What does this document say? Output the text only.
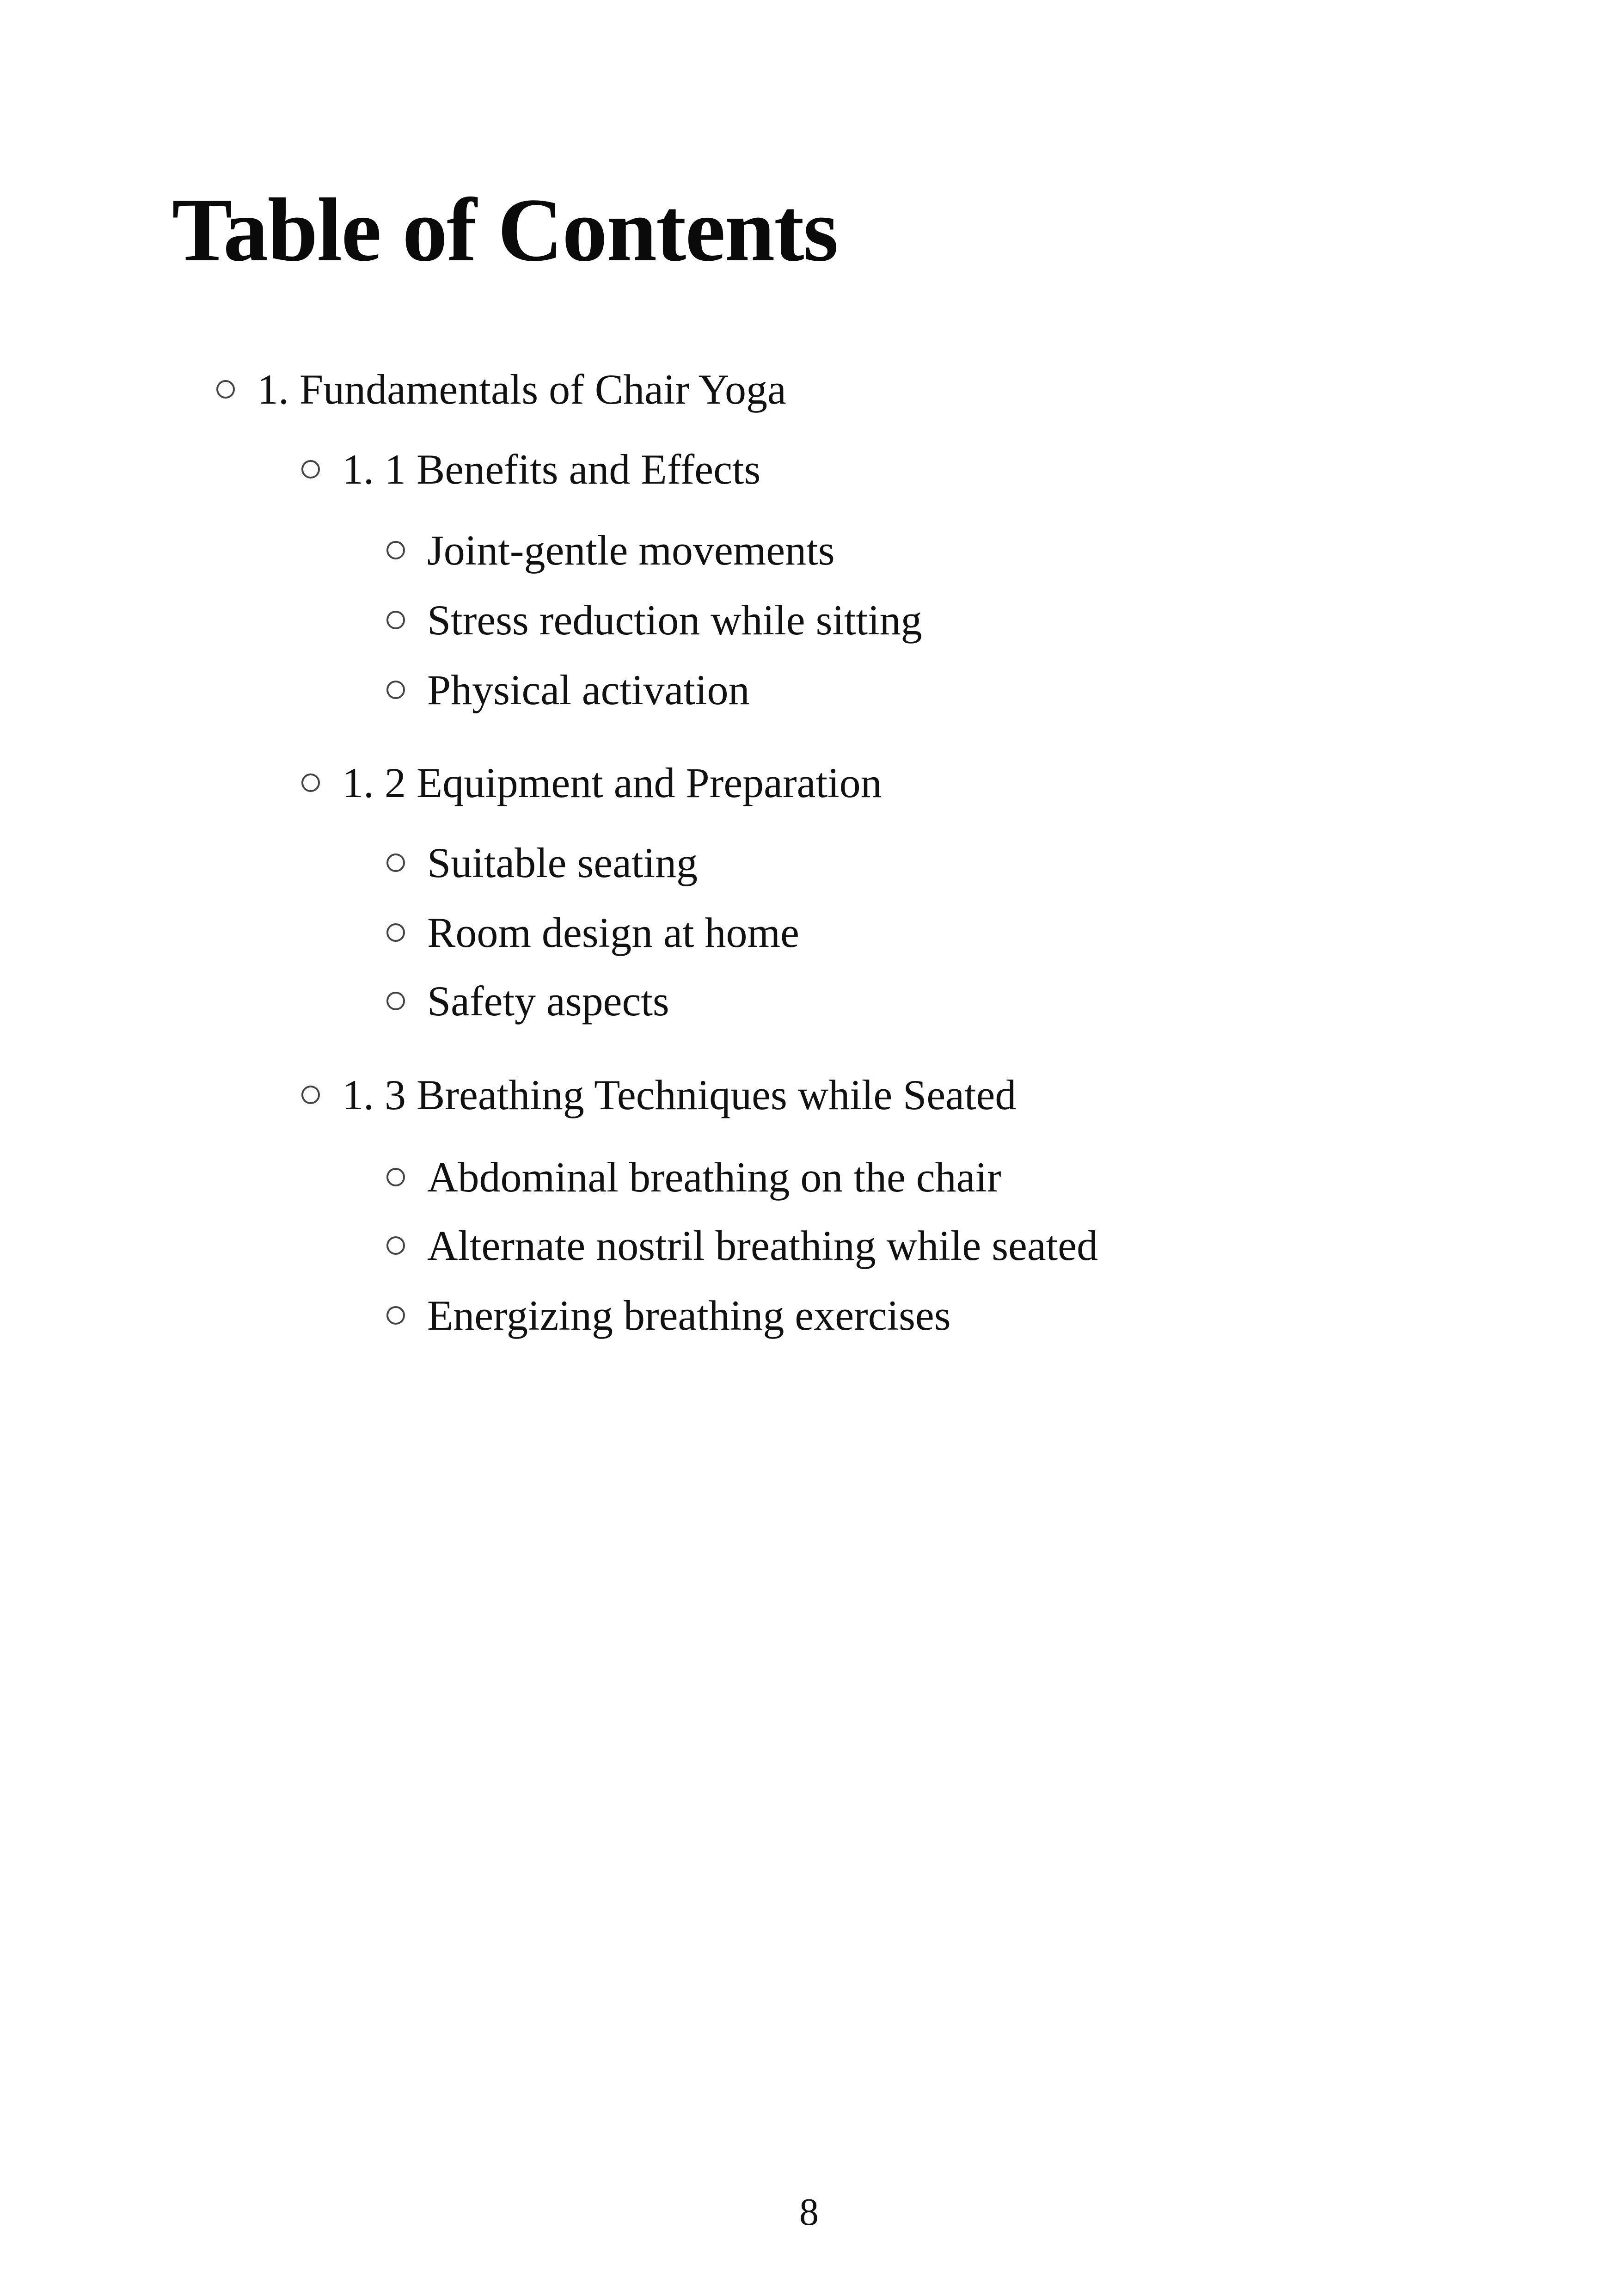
Table of Contents
1. Fundamentals of Chair Yoga
1. 1 Benefits and Effects
Joint-gentle movements
Stress reduction while sitting
Physical activation
1. 2 Equipment and Preparation
Suitable seating
Room design at home
Safety aspects
1. 3 Breathing Techniques while Seated
Abdominal breathing on the chair
Alternate nostril breathing while seated
Energizing breathing exercises
8
